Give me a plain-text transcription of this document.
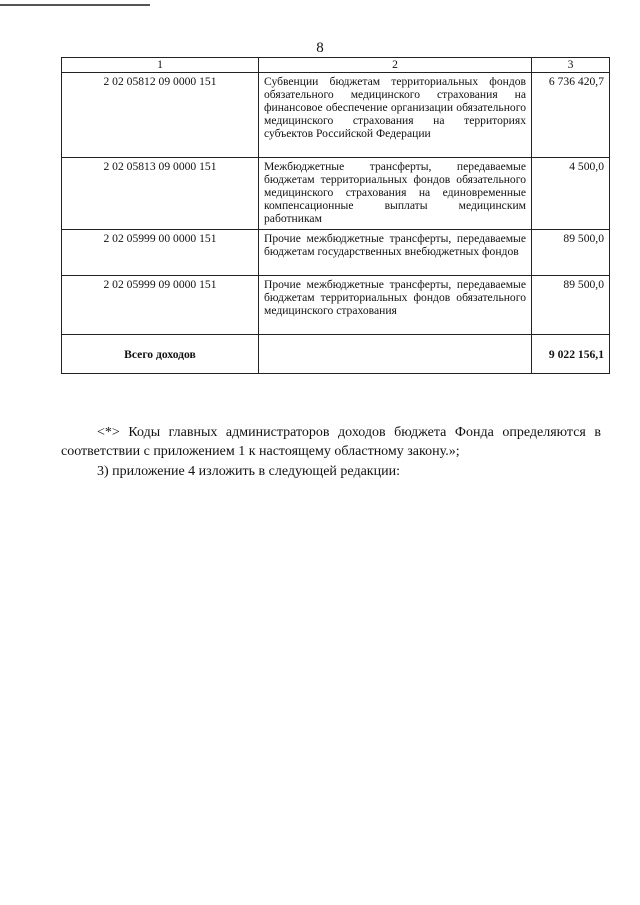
8
1	2	3
2 02 05812 09 0000 151	Субвенции бюджетам территориальных фондов обязательного медицинского страхования на финансовое обеспечение организации обязательного медицинского страхования на территориях субъектов Российской Федерации	6 736 420,7
2 02 05813 09 0000 151	Межбюджетные трансферты, передаваемые бюджетам территориальных фондов обязательного медицинского страхования на единовременные компенсационные выплаты медицинским работникам	4 500,0
2 02 05999 00 0000 151	Прочие межбюджетные трансферты, передаваемые бюджетам государственных внебюджетных фондов	89 500,0
2 02 05999 09 0000 151	Прочие межбюджетные трансферты, передаваемые бюджетам территориальных фондов обязательного медицинского страхования	89 500,0
Всего доходов		9 022 156,1
<*> Коды главных администраторов доходов бюджета Фонда определяются в соответствии с приложением 1 к настоящему областному закону.»;
3) приложение 4 изложить в следующей редакции:
